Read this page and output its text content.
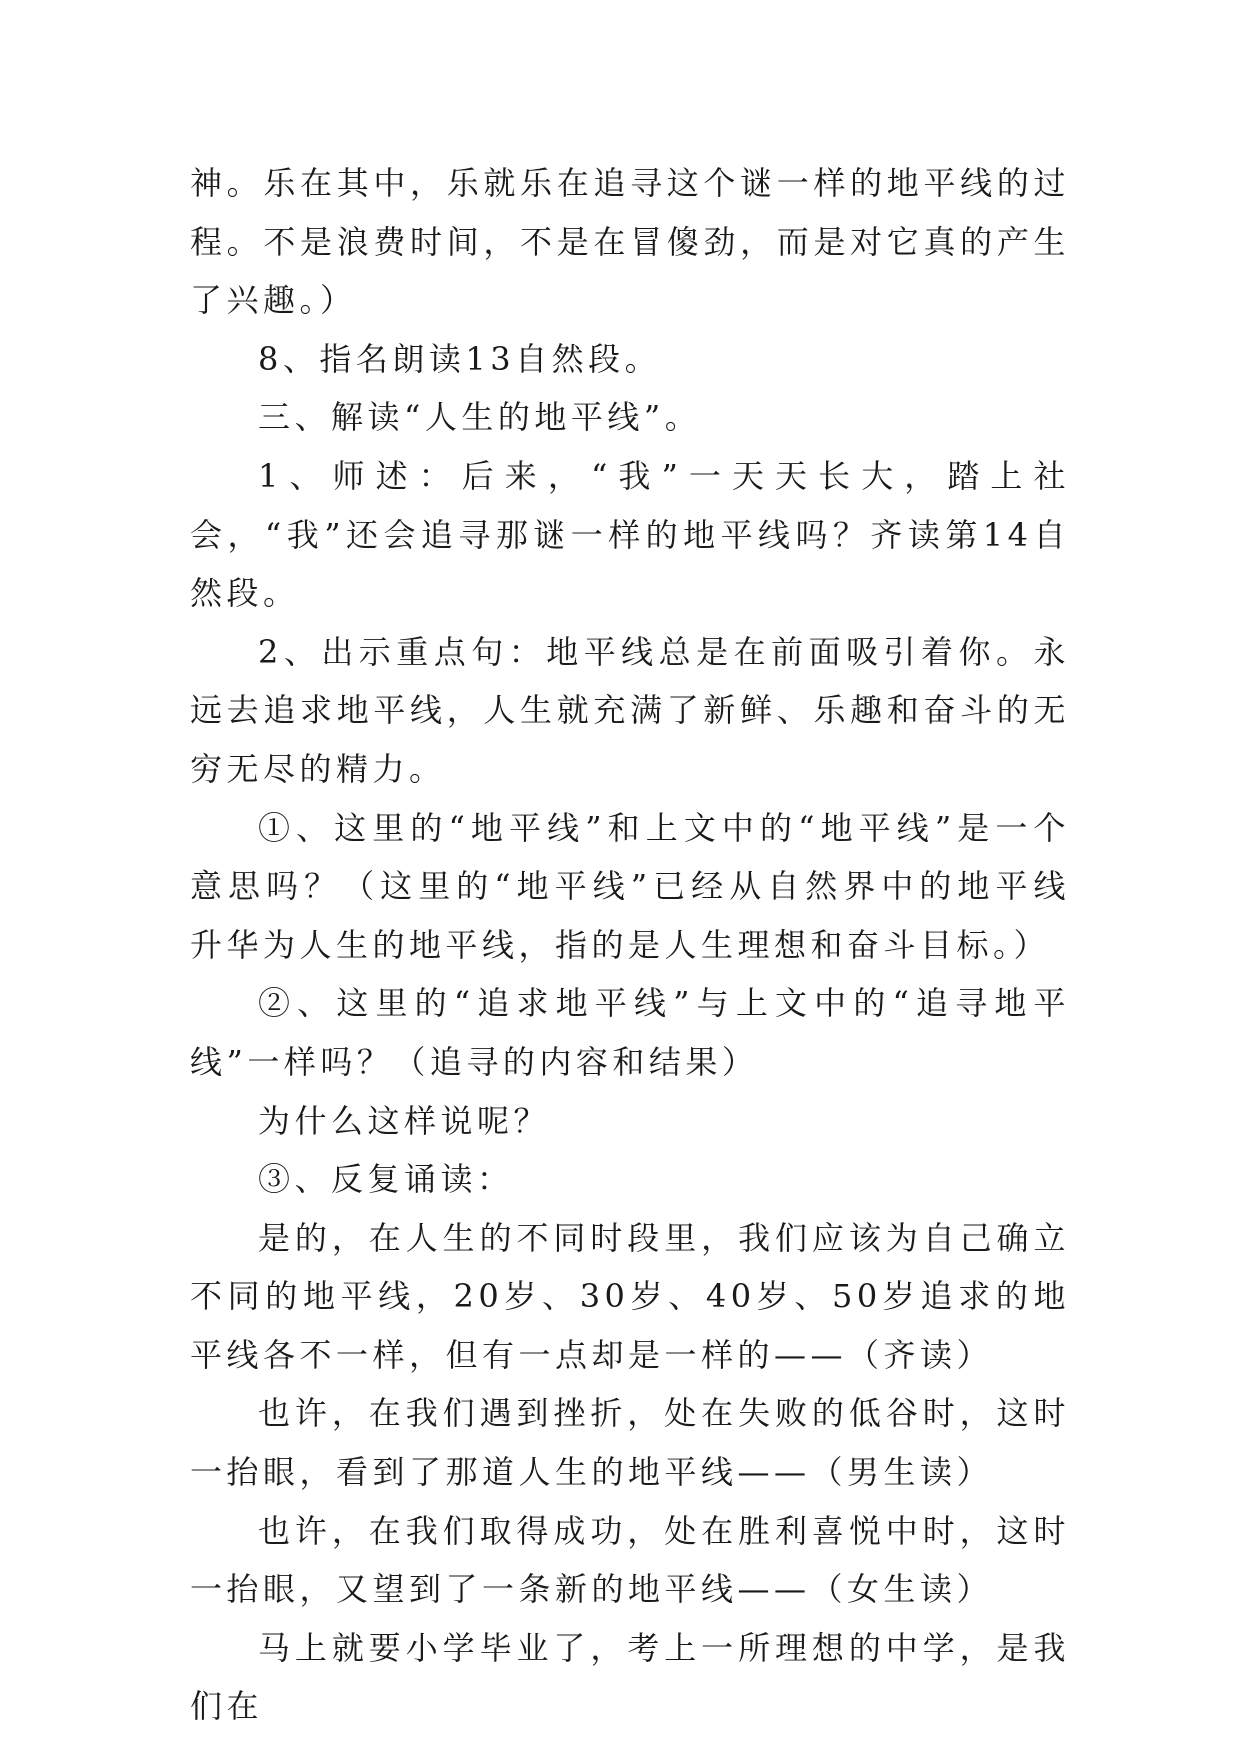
神。乐在其中，乐就乐在追寻这个谜一样的地平线的过程。不是浪费时间，不是在冒傻劲，而是对它真的产生了兴趣。）

8、指名朗读13自然段。

三、解读“人生的地平线”。

1、师述：后来，“我”一天天长大，踏上社会，“我”还会追寻那谜一样的地平线吗？齐读第14自然段。

2、出示重点句：地平线总是在前面吸引着你。永远去追求地平线，人生就充满了新鲜、乐趣和奋斗的无穷无尽的精力。

①、这里的“地平线”和上文中的“地平线”是一个意思吗？（这里的“地平线”已经从自然界中的地平线升华为人生的地平线，指的是人生理想和奋斗目标。）

②、这里的“追求地平线”与上文中的“追寻地平线”一样吗？（追寻的内容和结果）

为什么这样说呢？

③、反复诵读：

是的，在人生的不同时段里，我们应该为自己确立不同的地平线，20岁、30岁、40岁、50岁追求的地平线各不一样，但有一点却是一样的——（齐读）

也许，在我们遇到挫折，处在失败的低谷时，这时一抬眼，看到了那道人生的地平线——（男生读）

也许，在我们取得成功，处在胜利喜悦中时，这时一抬眼，又望到了一条新的地平线——（女生读）

马上就要小学毕业了，考上一所理想的中学，是我们在
